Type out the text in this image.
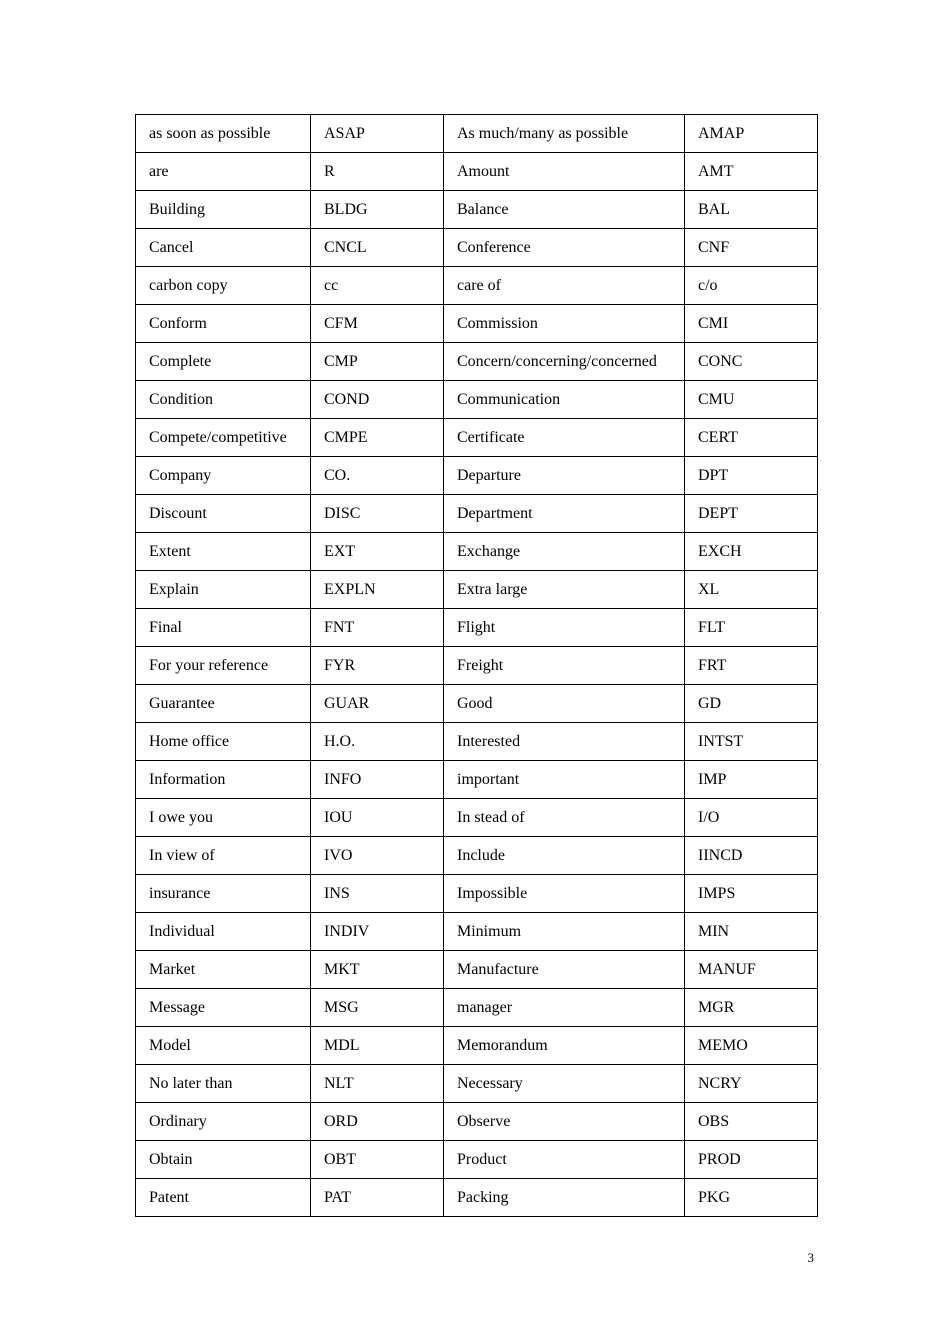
as soon as possible	ASAP	As much/many as possible	AMAP
are	R	Amount	AMT
Building	BLDG	Balance	BAL
Cancel	CNCL	Conference	CNF
carbon copy	cc	care of	c/o
Conform	CFM	Commission	CMI
Complete	CMP	Concern/concerning/concerned	CONC
Condition	COND	Communication	CMU
Compete/competitive	CMPE	Certificate	CERT
Company	CO.	Departure	DPT
Discount	DISC	Department	DEPT
Extent	EXT	Exchange	EXCH
Explain	EXPLN	Extra large	XL
Final	FNT	Flight	FLT
For your reference	FYR	Freight	FRT
Guarantee	GUAR	Good	GD
Home office	H.O.	Interested	INTST
Information	INFO	important	IMP
I owe you	IOU	In stead of	I/O
In view of	IVO	Include	IINCD
insurance	INS	Impossible	IMPS
Individual	INDIV	Minimum	MIN
Market	MKT	Manufacture	MANUF
Message	MSG	manager	MGR
Model	MDL	Memorandum	MEMO
No later than	NLT	Necessary	NCRY
Ordinary	ORD	Observe	OBS
Obtain	OBT	Product	PROD
Patent	PAT	Packing	PKG
3
